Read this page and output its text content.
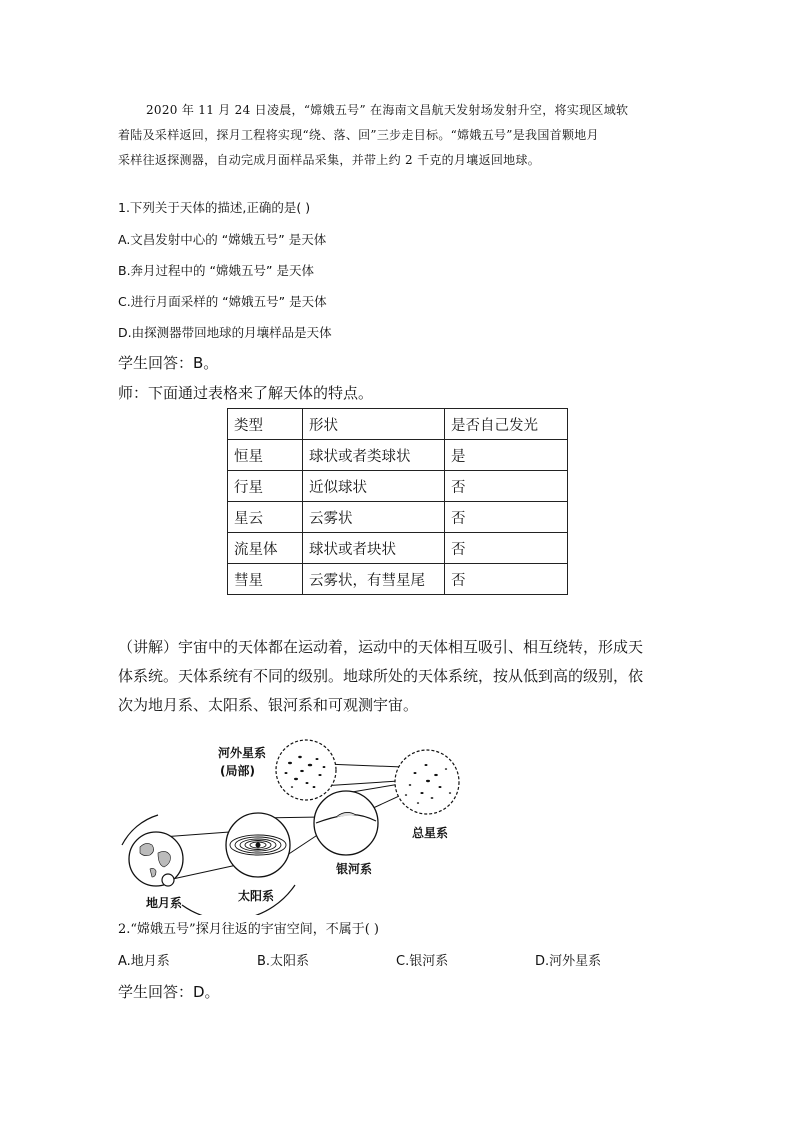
2020 年 11 月 24 日凌晨，“嫦娥五号” 在海南文昌航天发射场发射升空，将实现区域软

着陆及采样返回，探月工程将实现“绕、落、回”三步走目标。“嫦娥五号”是我国首颗地月

采样往返探测器，自动完成月面样品采集，并带上约 2 千克的月壤返回地球。

1.下列关于天体的描述,正确的是( )
A.文昌发射中心的 “嫦娥五号” 是天体
B.奔月过程中的 “嫦娥五号” 是天体
C.进行月面采样的 “嫦娥五号” 是天体
D.由探测器带回地球的月壤样品是天体
学生回答：B。
师：下面通过表格来了解天体的特点。
类型	形状	是否自己发光
恒星	球状或者类球状	是
行星	近似球状	否
星云	云雾状	否
流星体	球状或者块状	否
彗星	云雾状，有彗星尾	否

（讲解）宇宙中的天体都在运动着，运动中的天体相互吸引、相互绕转，形成天

体系统。天体系统有不同的级别。地球所处的天体系统，按从低到高的级别，依

次为地月系、太阳系、银河系和可观测宇宙。

河外星系
(局部)
总星系
银河系
太阳系
地月系
2.“嫦娥五号”探月往返的宇宙空间，不属于( )
A.地月系	B.太阳系	C.银河系	D.河外星系
学生回答：D。
